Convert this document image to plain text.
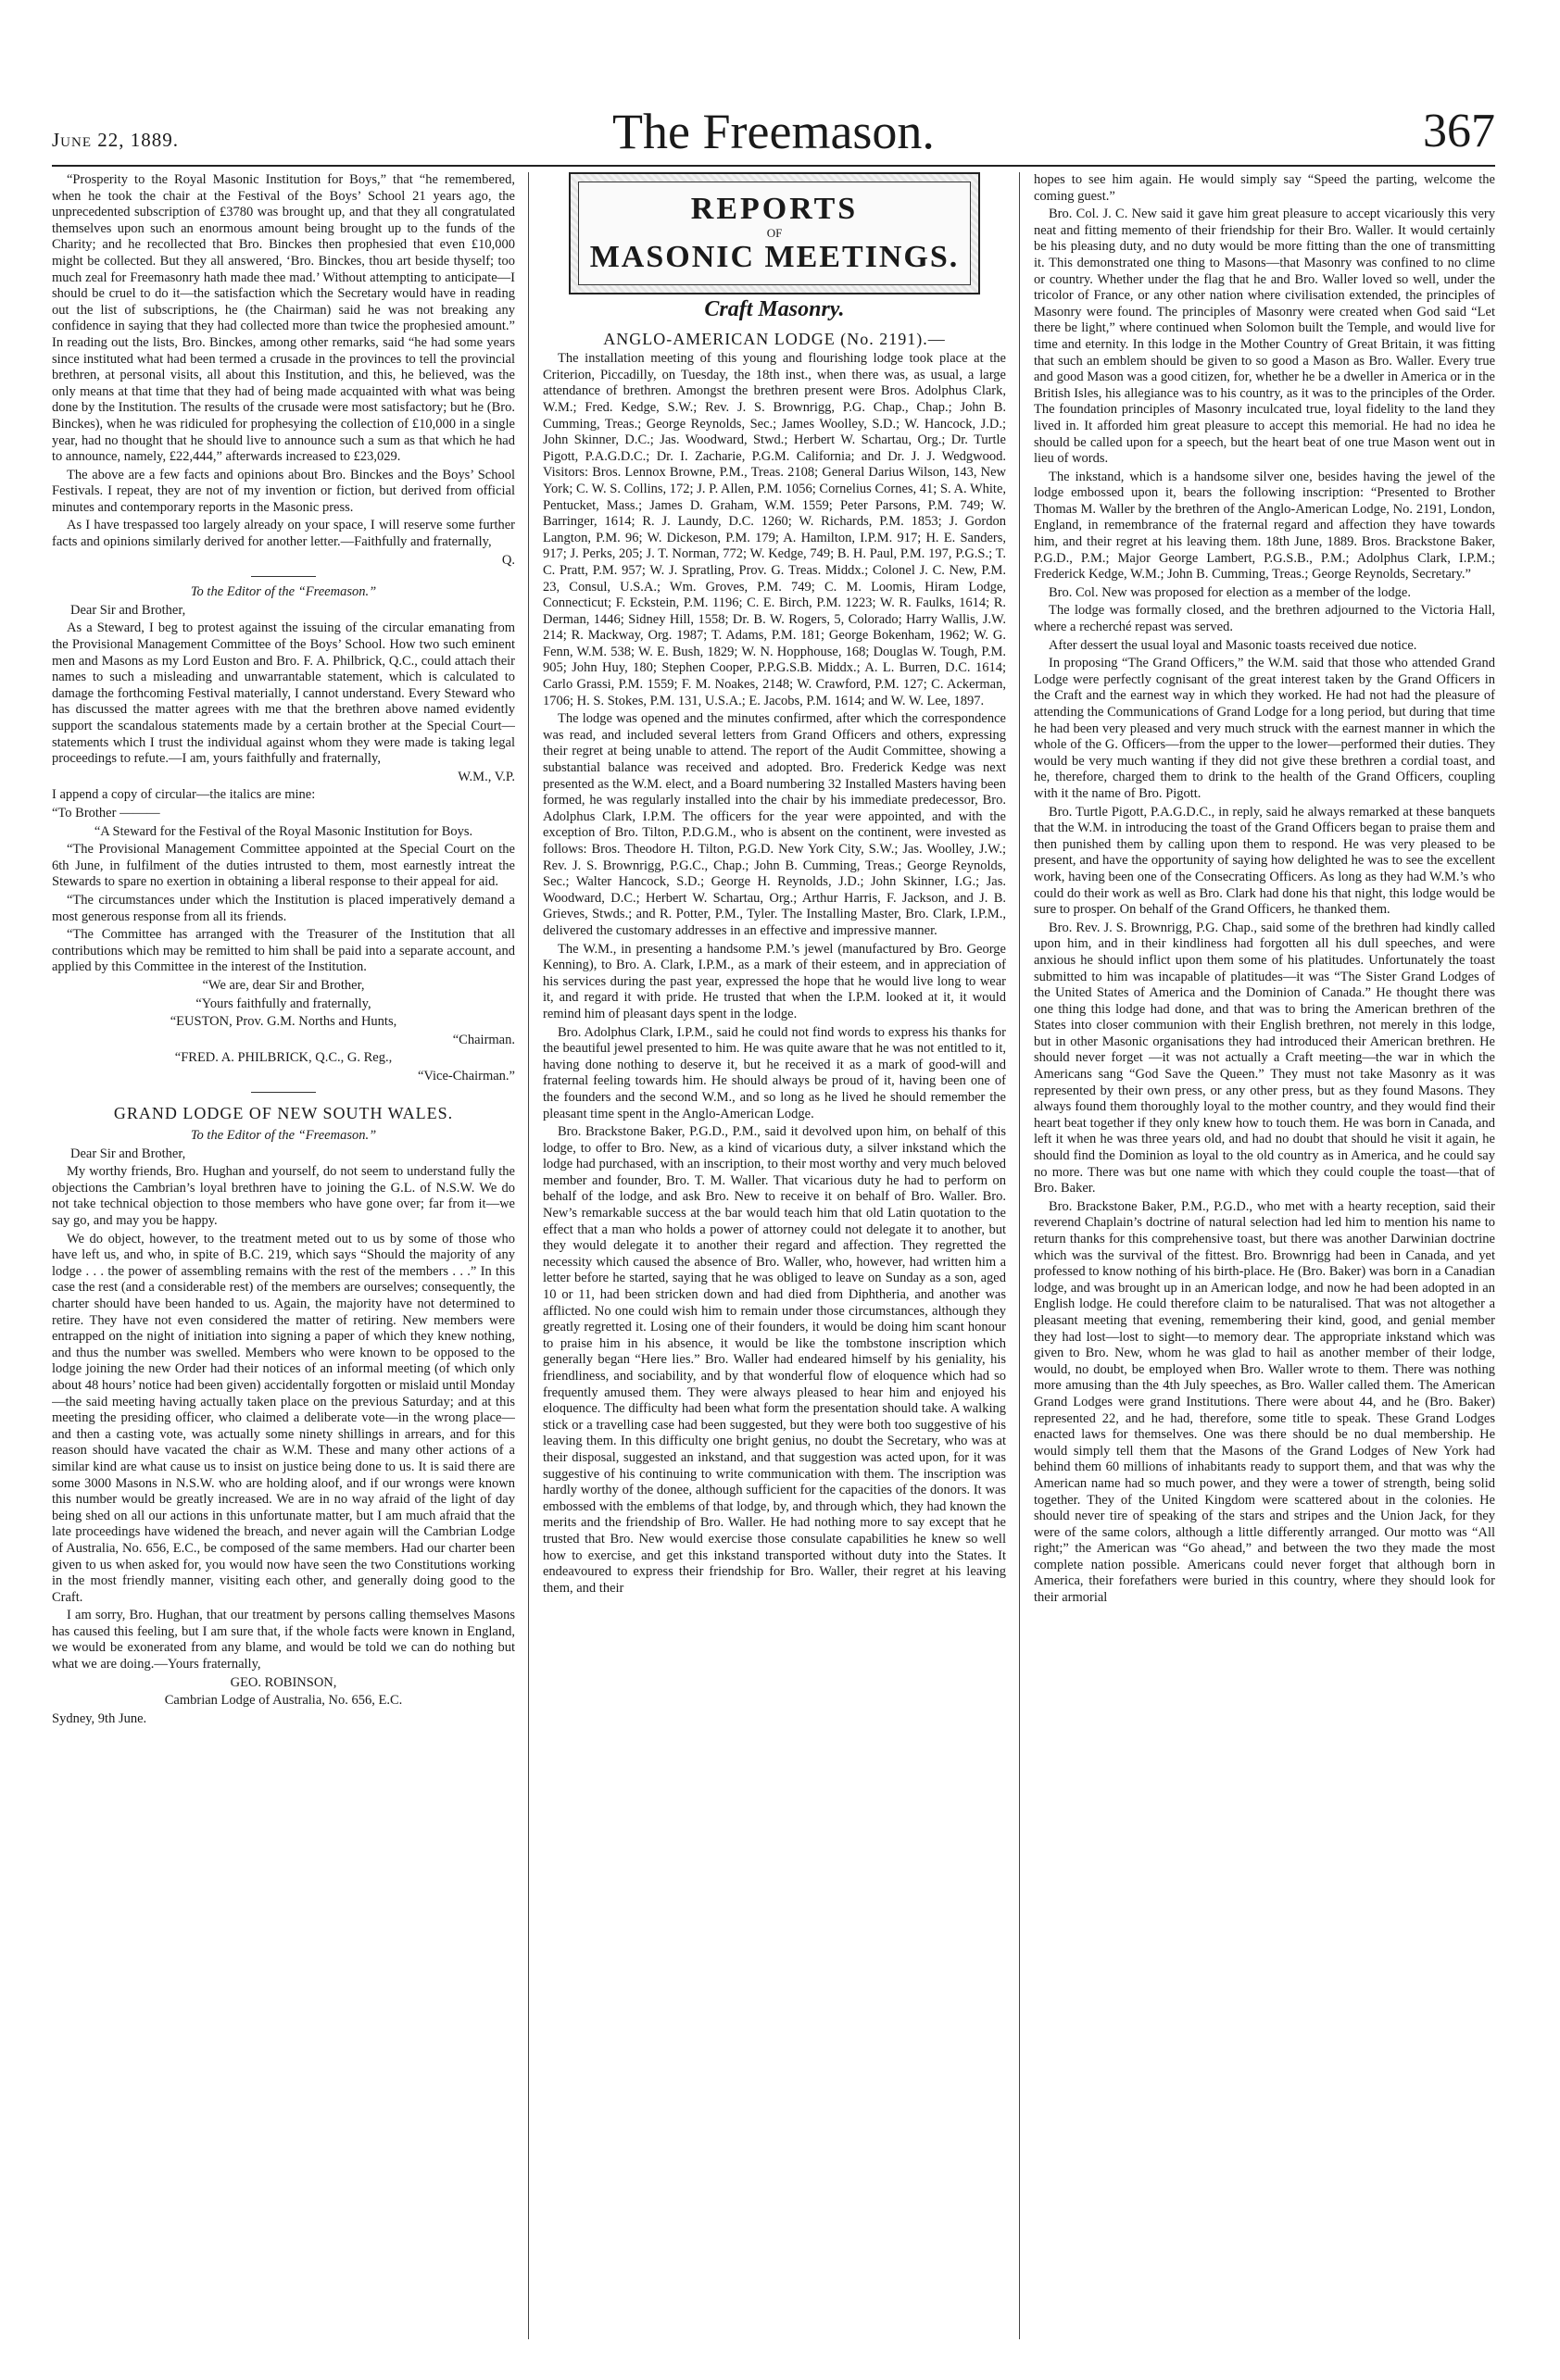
June 22, 1889.	The Freemason.	367

“Prosperity to the Royal Masonic Institution for Boys,” that “he remembered, when he took the chair at the Festival of the Boys’ School 21 years ago, the unprecedented subscription of £3780 was brought up, and that they all congratulated themselves upon such an enormous amount being brought up to the funds of the Charity; and he recollected that Bro. Binckes then prophesied that even £10,000 might be collected. But they all answered, ‘Bro. Binckes, thou art beside thyself; too much zeal for Freemasonry hath made thee mad.’ Without attempting to anticipate—I should be cruel to do it—the satisfaction which the Secretary would have in reading out the list of subscriptions, he (the Chairman) said he was not breaking any confidence in saying that they had collected more than twice the prophesied amount.” In reading out the lists, Bro. Binckes, among other remarks, said “he had some years since instituted what had been termed a crusade in the provinces to tell the provincial brethren, at personal visits, all about this Institution, and this, he believed, was the only means at that time that they had of being made acquainted with what was being done by the Institution. The results of the crusade were most satisfactory; but he (Bro. Binckes), when he was ridiculed for prophesying the collection of £10,000 in a single year, had no thought that he should live to announce such a sum as that which he had to announce, namely, £22,444,” afterwards increased to £23,029.

The above are a few facts and opinions about Bro. Binckes and the Boys’ School Festivals. I repeat, they are not of my invention or fiction, but derived from official minutes and contemporary reports in the Masonic press.

As I have trespassed too largely already on your space, I will reserve some further facts and opinions similarly derived for another letter.—Faithfully and fraternally,

Q.
To the Editor of the “Freemason.”
Dear Sir and Brother,

As a Steward, I beg to protest against the issuing of the circular emanating from the Provisional Management Committee of the Boys’ School. How two such eminent men and Masons as my Lord Euston and Bro. F. A. Philbrick, Q.C., could attach their names to such a misleading and unwarrantable statement, which is calculated to damage the forthcoming Festival materially, I cannot understand. Every Steward who has discussed the matter agrees with me that the brethren above named evidently support the scandalous statements made by a certain brother at the Special Court—statements which I trust the individual against whom they were made is taking legal proceedings to refute.—I am, yours faithfully and fraternally,

W.M., V.P.

I append a copy of circular—the italics are mine:

“To Brother ———

“A Steward for the Festival of the Royal Masonic Institution for Boys.

“The Provisional Management Committee appointed at the Special Court on the 6th June, in fulfilment of the duties intrusted to them, most earnestly intreat the Stewards to spare no exertion in obtaining a liberal response to their appeal for aid.

“The circumstances under which the Institution is placed imperatively demand a most generous response from all its friends.

“The Committee has arranged with the Treasurer of the Institution that all contributions which may be remitted to him shall be paid into a separate account, and applied by this Committee in the interest of the Institution.

“We are, dear Sir and Brother,
“Yours faithfully and fraternally,
“EUSTON, Prov. G.M. Norths and Hunts,
“Chairman.
“FRED. A. PHILBRICK, Q.C., G. Reg.,
“Vice-Chairman.”
GRAND LODGE OF NEW SOUTH WALES.
To the Editor of the “Freemason.”
Dear Sir and Brother,

My worthy friends, Bro. Hughan and yourself, do not seem to understand fully the objections the Cambrian’s loyal brethren have to joining the G.L. of N.S.W. We do not take technical objection to those members who have gone over; far from it—we say go, and may you be happy.

We do object, however, to the treatment meted out to us by some of those who have left us, and who, in spite of B.C. 219, which says “Should the majority of any lodge . . . the power of assembling remains with the rest of the members . . .” In this case the rest (and a considerable rest) of the members are ourselves; consequently, the charter should have been handed to us. Again, the majority have not determined to retire. They have not even considered the matter of retiring. New members were entrapped on the night of initiation into signing a paper of which they knew nothing, and thus the number was swelled. Members who were known to be opposed to the lodge joining the new Order had their notices of an informal meeting (of which only about 48 hours’ notice had been given) accidentally forgotten or mislaid until Monday —the said meeting having actually taken place on the previous Saturday; and at this meeting the presiding officer, who claimed a deliberate vote—in the wrong place—and then a casting vote, was actually some ninety shillings in arrears, and for this reason should have vacated the chair as W.M. These and many other actions of a similar kind are what cause us to insist on justice being done to us. It is said there are some 3000 Masons in N.S.W. who are holding aloof, and if our wrongs were known this number would be greatly increased. We are in no way afraid of the light of day being shed on all our actions in this unfortunate matter, but I am much afraid that the late proceedings have widened the breach, and never again will the Cambrian Lodge of Australia, No. 656, E.C., be composed of the same members. Had our charter been given to us when asked for, you would now have seen the two Constitutions working in the most friendly manner, visiting each other, and generally doing good to the Craft.

I am sorry, Bro. Hughan, that our treatment by persons calling themselves Masons has caused this feeling, but I am sure that, if the whole facts were known in England, we would be exonerated from any blame, and would be told we can do nothing but what we are doing.—Yours fraternally,

GEO. ROBINSON,
Cambrian Lodge of Australia, No. 656, E.C.

Sydney, 9th June.

REPORTS
OF
MASONIC MEETINGS.
Craft Masonry.
ANGLO-AMERICAN LODGE (No. 2191).—

The installation meeting of this young and flourishing lodge took place at the Criterion, Piccadilly, on Tuesday, the 18th inst., when there was, as usual, a large attendance of brethren. Amongst the brethren present were Bros. Adolphus Clark, W.M.; Fred. Kedge, S.W.; Rev. J. S. Brownrigg, P.G. Chap., Chap.; John B. Cumming, Treas.; George Reynolds, Sec.; James Woolley, S.D.; W. Hancock, J.D.; John Skinner, D.C.; Jas. Woodward, Stwd.; Herbert W. Schartau, Org.; Dr. Turtle Pigott, P.A.G.D.C.; Dr. I. Zacharie, P.G.M. California; and Dr. J. J. Wedgwood. Visitors: Bros. Lennox Browne, P.M., Treas. 2108; General Darius Wilson, 143, New York; C. W. S. Collins, 172; J. P. Allen, P.M. 1056; Cornelius Cornes, 41; S. A. White, Pentucket, Mass.; James D. Graham, W.M. 1559; Peter Parsons, P.M. 749; W. Barringer, 1614; R. J. Laundy, D.C. 1260; W. Richards, P.M. 1853; J. Gordon Langton, P.M. 96; W. Dickeson, P.M. 179; A. Hamilton, I.P.M. 917; H. E. Sanders, 917; J. Perks, 205; J. T. Norman, 772; W. Kedge, 749; B. H. Paul, P.M. 197, P.G.S.; T. C. Pratt, P.M. 957; W. J. Spratling, Prov. G. Treas. Middx.; Colonel J. C. New, P.M. 23, Consul, U.S.A.; Wm. Groves, P.M. 749; C. M. Loomis, Hiram Lodge, Connecticut; F. Eckstein, P.M. 1196; C. E. Birch, P.M. 1223; W. R. Faulks, 1614; R. Derman, 1446; Sidney Hill, 1558; Dr. B. W. Rogers, 5, Colorado; Harry Wallis, J.W. 214; R. Mackway, Org. 1987; T. Adams, P.M. 181; George Bokenham, 1962; W. G. Fenn, W.M. 538; W. E. Bush, 1829; W. N. Hopphouse, 168; Douglas W. Tough, P.M. 905; John Huy, 180; Stephen Cooper, P.P.G.S.B. Middx.; A. L. Burren, D.C. 1614; Carlo Grassi, P.M. 1559; F. M. Noakes, 2148; W. Crawford, P.M. 127; C. Ackerman, 1706; H. S. Stokes, P.M. 131, U.S.A.; E. Jacobs, P.M. 1614; and W. W. Lee, 1897.

The lodge was opened and the minutes confirmed, after which the correspondence was read, and included several letters from Grand Officers and others, expressing their regret at being unable to attend. The report of the Audit Committee, showing a substantial balance was received and adopted. Bro. Frederick Kedge was next presented as the W.M. elect, and a Board numbering 32 Installed Masters having been formed, he was regularly installed into the chair by his immediate predecessor, Bro. Adolphus Clark, I.P.M. The officers for the year were appointed, and with the exception of Bro. Tilton, P.D.G.M., who is absent on the continent, were invested as follows: Bros. Theodore H. Tilton, P.G.D. New York City, S.W.; Jas. Woolley, J.W.; Rev. J. S. Brownrigg, P.G.C., Chap.; John B. Cumming, Treas.; George Reynolds, Sec.; Walter Hancock, S.D.; George H. Reynolds, J.D.; John Skinner, I.G.; Jas. Woodward, D.C.; Herbert W. Schartau, Org.; Arthur Harris, F. Jackson, and J. B. Grieves, Stwds.; and R. Potter, P.M., Tyler. The Installing Master, Bro. Clark, I.P.M., delivered the customary addresses in an effective and impressive manner.

The W.M., in presenting a handsome P.M.’s jewel (manufactured by Bro. George Kenning), to Bro. A. Clark, I.P.M., as a mark of their esteem, and in appreciation of his services during the past year, expressed the hope that he would live long to wear it, and regard it with pride. He trusted that when the I.P.M. looked at it, it would remind him of pleasant days spent in the lodge.

Bro. Adolphus Clark, I.P.M., said he could not find words to express his thanks for the beautiful jewel presented to him. He was quite aware that he was not entitled to it, having done nothing to deserve it, but he received it as a mark of good-will and fraternal feeling towards him. He should always be proud of it, having been one of the founders and the second W.M., and so long as he lived he should remember the pleasant time spent in the Anglo-American Lodge.

Bro. Brackstone Baker, P.G.D., P.M., said it devolved upon him, on behalf of this lodge, to offer to Bro. New, as a kind of vicarious duty, a silver inkstand which the lodge had purchased, with an inscription, to their most worthy and very much beloved member and founder, Bro. T. M. Waller. That vicarious duty he had to perform on behalf of the lodge, and ask Bro. New to receive it on behalf of Bro. Waller. Bro. New’s remarkable success at the bar would teach him that old Latin quotation to the effect that a man who holds a power of attorney could not delegate it to another, but they would delegate it to another their regard and affection. They regretted the necessity which caused the absence of Bro. Waller, who, however, had written him a letter before he started, saying that he was obliged to leave on Sunday as a son, aged 10 or 11, had been stricken down and had died from Diphtheria, and another was afflicted. No one could wish him to remain under those circumstances, although they greatly regretted it. Losing one of their founders, it would be doing him scant honour to praise him in his absence, it would be like the tombstone inscription which generally began “Here lies.” Bro. Waller had endeared himself by his geniality, his friendliness, and sociability, and by that wonderful flow of eloquence which had so frequently amused them. They were always pleased to hear him and enjoyed his eloquence. The difficulty had been what form the presentation should take. A walking stick or a travelling case had been suggested, but they were both too suggestive of his leaving them. In this difficulty one bright genius, no doubt the Secretary, who was at their disposal, suggested an inkstand, and that suggestion was acted upon, for it was suggestive of his continuing to write communication with them. The inscription was hardly worthy of the donee, although sufficient for the capacities of the donors. It was embossed with the emblems of that lodge, by, and through which, they had known the merits and the friendship of Bro. Waller. He had nothing more to say except that he trusted that Bro. New would exercise those consulate capabilities he knew so well how to exercise, and get this inkstand transported without duty into the States. It endeavoured to express their friendship for Bro. Waller, their regret at his leaving them, and their

hopes to see him again. He would simply say “Speed the parting, welcome the coming guest.”

Bro. Col. J. C. New said it gave him great pleasure to accept vicariously this very neat and fitting memento of their friendship for their Bro. Waller. It would certainly be his pleasing duty, and no duty would be more fitting than the one of transmitting it. This demonstrated one thing to Masons—that Masonry was confined to no clime or country. Whether under the flag that he and Bro. Waller loved so well, under the tricolor of France, or any other nation where civilisation extended, the principles of Masonry were found. The principles of Masonry were created when God said “Let there be light,” where continued when Solomon built the Temple, and would live for time and eternity. In this lodge in the Mother Country of Great Britain, it was fitting that such an emblem should be given to so good a Mason as Bro. Waller. Every true and good Mason was a good citizen, for, whether he be a dweller in America or in the British Isles, his allegiance was to his country, as it was to the principles of the Order. The foundation principles of Masonry inculcated true, loyal fidelity to the land they lived in. It afforded him great pleasure to accept this memorial. He had no idea he should be called upon for a speech, but the heart beat of one true Mason went out in lieu of words.

The inkstand, which is a handsome silver one, besides having the jewel of the lodge embossed upon it, bears the following inscription: “Presented to Brother Thomas M. Waller by the brethren of the Anglo-American Lodge, No. 2191, London, England, in remembrance of the fraternal regard and affection they have towards him, and their regret at his leaving them. 18th June, 1889. Bros. Brackstone Baker, P.G.D., P.M.; Major George Lambert, P.G.S.B., P.M.; Adolphus Clark, I.P.M.; Frederick Kedge, W.M.; John B. Cumming, Treas.; George Reynolds, Secretary.”

Bro. Col. New was proposed for election as a member of the lodge.

The lodge was formally closed, and the brethren adjourned to the Victoria Hall, where a recherché repast was served.

After dessert the usual loyal and Masonic toasts received due notice.

In proposing “The Grand Officers,” the W.M. said that those who attended Grand Lodge were perfectly cognisant of the great interest taken by the Grand Officers in the Craft and the earnest way in which they worked. He had not had the pleasure of attending the Communications of Grand Lodge for a long period, but during that time he had been very pleased and very much struck with the earnest manner in which the whole of the G. Officers—from the upper to the lower—performed their duties. They would be very much wanting if they did not give these brethren a cordial toast, and he, therefore, charged them to drink to the health of the Grand Officers, coupling with it the name of Bro. Pigott.

Bro. Turtle Pigott, P.A.G.D.C., in reply, said he always remarked at these banquets that the W.M. in introducing the toast of the Grand Officers began to praise them and then punished them by calling upon them to respond. He was very pleased to be present, and have the opportunity of saying how delighted he was to see the excellent work, having been one of the Consecrating Officers. As long as they had W.M.’s who could do their work as well as Bro. Clark had done his that night, this lodge would be sure to prosper. On behalf of the Grand Officers, he thanked them.

Bro. Rev. J. S. Brownrigg, P.G. Chap., said some of the brethren had kindly called upon him, and in their kindliness had forgotten all his dull speeches, and were anxious he should inflict upon them some of his platitudes. Unfortunately the toast submitted to him was incapable of platitudes—it was “The Sister Grand Lodges of the United States of America and the Dominion of Canada.” He thought there was one thing this lodge had done, and that was to bring the American brethren of the States into closer communion with their English brethren, not merely in this lodge, but in other Masonic organisations they had introduced their American brethren. He should never forget —it was not actually a Craft meeting—the war in which the Americans sang “God Save the Queen.” They must not take Masonry as it was represented by their own press, or any other press, but as they found Masons. They always found them thoroughly loyal to the mother country, and they would find their heart beat together if they only knew how to touch them. He was born in Canada, and left it when he was three years old, and had no doubt that should he visit it again, he should find the Dominion as loyal to the old country as in America, and he could say no more. There was but one name with which they could couple the toast—that of Bro. Baker.

Bro. Brackstone Baker, P.M., P.G.D., who met with a hearty reception, said their reverend Chaplain’s doctrine of natural selection had led him to mention his name to return thanks for this comprehensive toast, but there was another Darwinian doctrine which was the survival of the fittest. Bro. Brownrigg had been in Canada, and yet professed to know nothing of his birth-place. He (Bro. Baker) was born in a Canadian lodge, and was brought up in an American lodge, and now he had been adopted in an English lodge. He could therefore claim to be naturalised. That was not altogether a pleasant meeting that evening, remembering their kind, good, and genial member they had lost—lost to sight—to memory dear. The appropriate inkstand which was given to Bro. New, whom he was glad to hail as another member of their lodge, would, no doubt, be employed when Bro. Waller wrote to them. There was nothing more amusing than the 4th July speeches, as Bro. Waller called them. The American Grand Lodges were grand Institutions. There were about 44, and he (Bro. Baker) represented 22, and he had, therefore, some title to speak. These Grand Lodges enacted laws for themselves. One was there should be no dual membership. He would simply tell them that the Masons of the Grand Lodges of New York had behind them 60 millions of inhabitants ready to support them, and that was why the American name had so much power, and they were a tower of strength, being solid together. They of the United Kingdom were scattered about in the colonies. He should never tire of speaking of the stars and stripes and the Union Jack, for they were of the same colors, although a little differently arranged. Our motto was “All right;” the American was “Go ahead,” and between the two they made the most complete nation possible. Americans could never forget that although born in America, their forefathers were buried in this country, where they should look for their armorial
